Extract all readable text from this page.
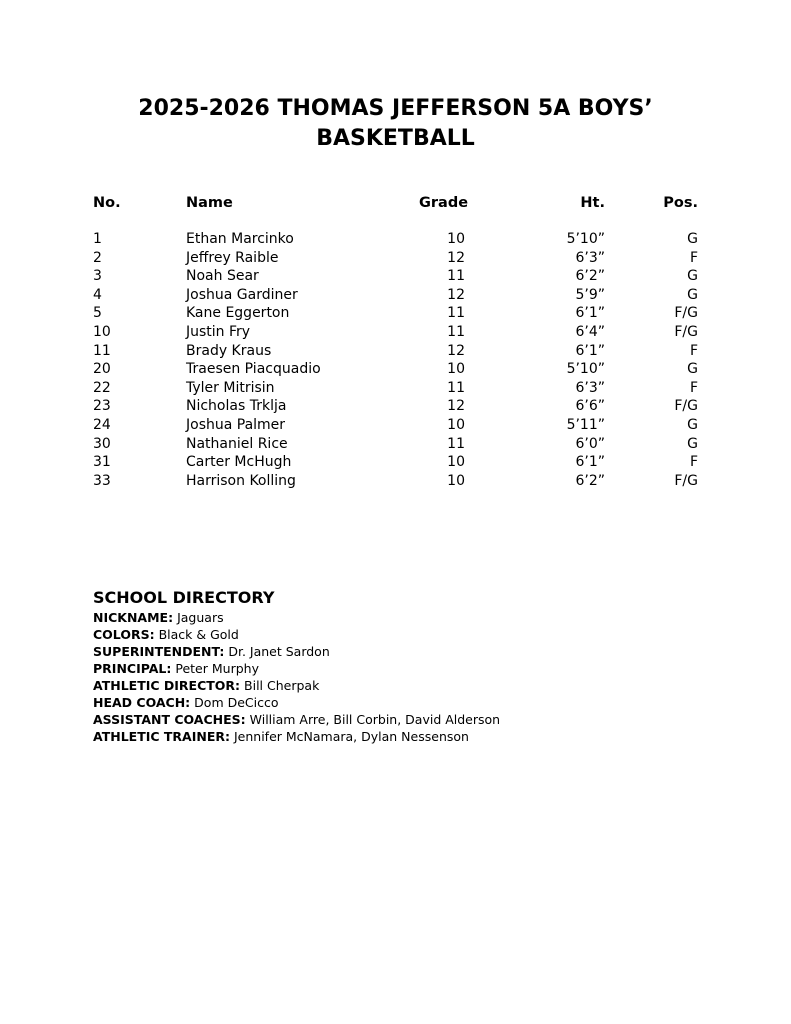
2025-2026 THOMAS JEFFERSON 5A BOYS’
BASKETBALL
No.	Name	Grade	Ht.	Pos.
1	Ethan Marcinko	10	5’10”	G
2	Jeffrey Raible	12	6’3”	F
3	Noah Sear	11	6’2”	G
4	Joshua Gardiner	12	5’9”	G
5	Kane Eggerton	11	6’1”	F/G
10	Justin Fry	11	6’4”	F/G
11	Brady Kraus	12	6’1”	F
20	Traesen Piacquadio	10	5’10”	G
22	Tyler Mitrisin	11	6’3”	F
23	Nicholas Trklja	12	6’6”	F/G
24	Joshua Palmer	10	5’11”	G
30	Nathaniel Rice	11	6’0”	G
31	Carter McHugh	10	6’1”	F
33	Harrison Kolling	10	6’2”	F/G
SCHOOL DIRECTORY
NICKNAME: Jaguars
COLORS: Black & Gold
SUPERINTENDENT: Dr. Janet Sardon
PRINCIPAL: Peter Murphy
ATHLETIC DIRECTOR: Bill Cherpak
HEAD COACH: Dom DeCicco
ASSISTANT COACHES: William Arre, Bill Corbin, David Alderson
ATHLETIC TRAINER: Jennifer McNamara, Dylan Nessenson
